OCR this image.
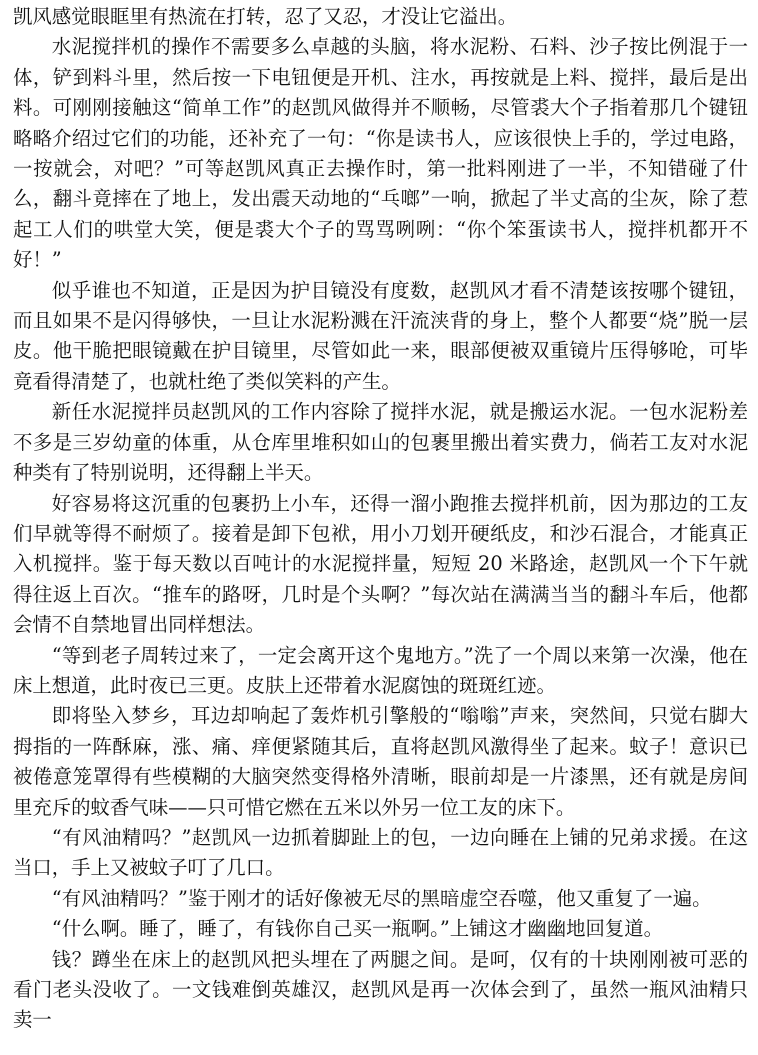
凯风感觉眼眶里有热流在打转，忍了又忍，才没让它溢出。

水泥搅拌机的操作不需要多么卓越的头脑，将水泥粉、石料、沙子按比例混于一体，铲到料斗里，然后按一下电钮便是开机、注水，再按就是上料、搅拌，最后是出料。可刚刚接触这“简单工作”的赵凯风做得并不顺畅，尽管裘大个子指着那几个键钮略略介绍过它们的功能，还补充了一句：“你是读书人，应该很快上手的，学过电路，一按就会，对吧？”可等赵凯风真正去操作时，第一批料刚进了一半，不知错碰了什么，翻斗竟摔在了地上，发出震天动地的“乓啷”一响，掀起了半丈高的尘灰，除了惹起工人们的哄堂大笑，便是裘大个子的骂骂咧咧：“你个笨蛋读书人，搅拌机都开不好！”

似乎谁也不知道，正是因为护目镜没有度数，赵凯风才看不清楚该按哪个键钮，而且如果不是闪得够快，一旦让水泥粉溅在汗流浃背的身上，整个人都要“烧”脱一层皮。他干脆把眼镜戴在护目镜里，尽管如此一来，眼部便被双重镜片压得够呛，可毕竟看得清楚了，也就杜绝了类似笑料的产生。

新任水泥搅拌员赵凯风的工作内容除了搅拌水泥，就是搬运水泥。一包水泥粉差不多是三岁幼童的体重，从仓库里堆积如山的包裹里搬出着实费力，倘若工友对水泥种类有了特别说明，还得翻上半天。

好容易将这沉重的包裹扔上小车，还得一溜小跑推去搅拌机前，因为那边的工友们早就等得不耐烦了。接着是卸下包袱，用小刀划开硬纸皮，和沙石混合，才能真正入机搅拌。鉴于每天数以百吨计的水泥搅拌量，短短 20 米路途，赵凯风一个下午就得往返上百次。“推车的路呀，几时是个头啊？”每次站在满满当当的翻斗车后，他都会情不自禁地冒出同样想法。

“等到老子周转过来了，一定会离开这个鬼地方。”洗了一个周以来第一次澡，他在床上想道，此时夜已三更。皮肤上还带着水泥腐蚀的斑斑红迹。

即将坠入梦乡，耳边却响起了轰炸机引擎般的“嗡嗡”声来，突然间，只觉右脚大拇指的一阵酥麻，涨、痛、痒便紧随其后，直将赵凯风激得坐了起来。蚊子！意识已被倦意笼罩得有些模糊的大脑突然变得格外清晰，眼前却是一片漆黑，还有就是房间里充斥的蚊香气味——只可惜它燃在五米以外另一位工友的床下。

“有风油精吗？”赵凯风一边抓着脚趾上的包，一边向睡在上铺的兄弟求援。在这当口，手上又被蚊子叮了几口。

“有风油精吗？”鉴于刚才的话好像被无尽的黑暗虚空吞噬，他又重复了一遍。

“什么啊。睡了，睡了，有钱你自己买一瓶啊。”上铺这才幽幽地回复道。

钱？蹲坐在床上的赵凯风把头埋在了两腿之间。是呵，仅有的十块刚刚被可恶的看门老头没收了。一文钱难倒英雄汉，赵凯风是再一次体会到了，虽然一瓶风油精只卖一
